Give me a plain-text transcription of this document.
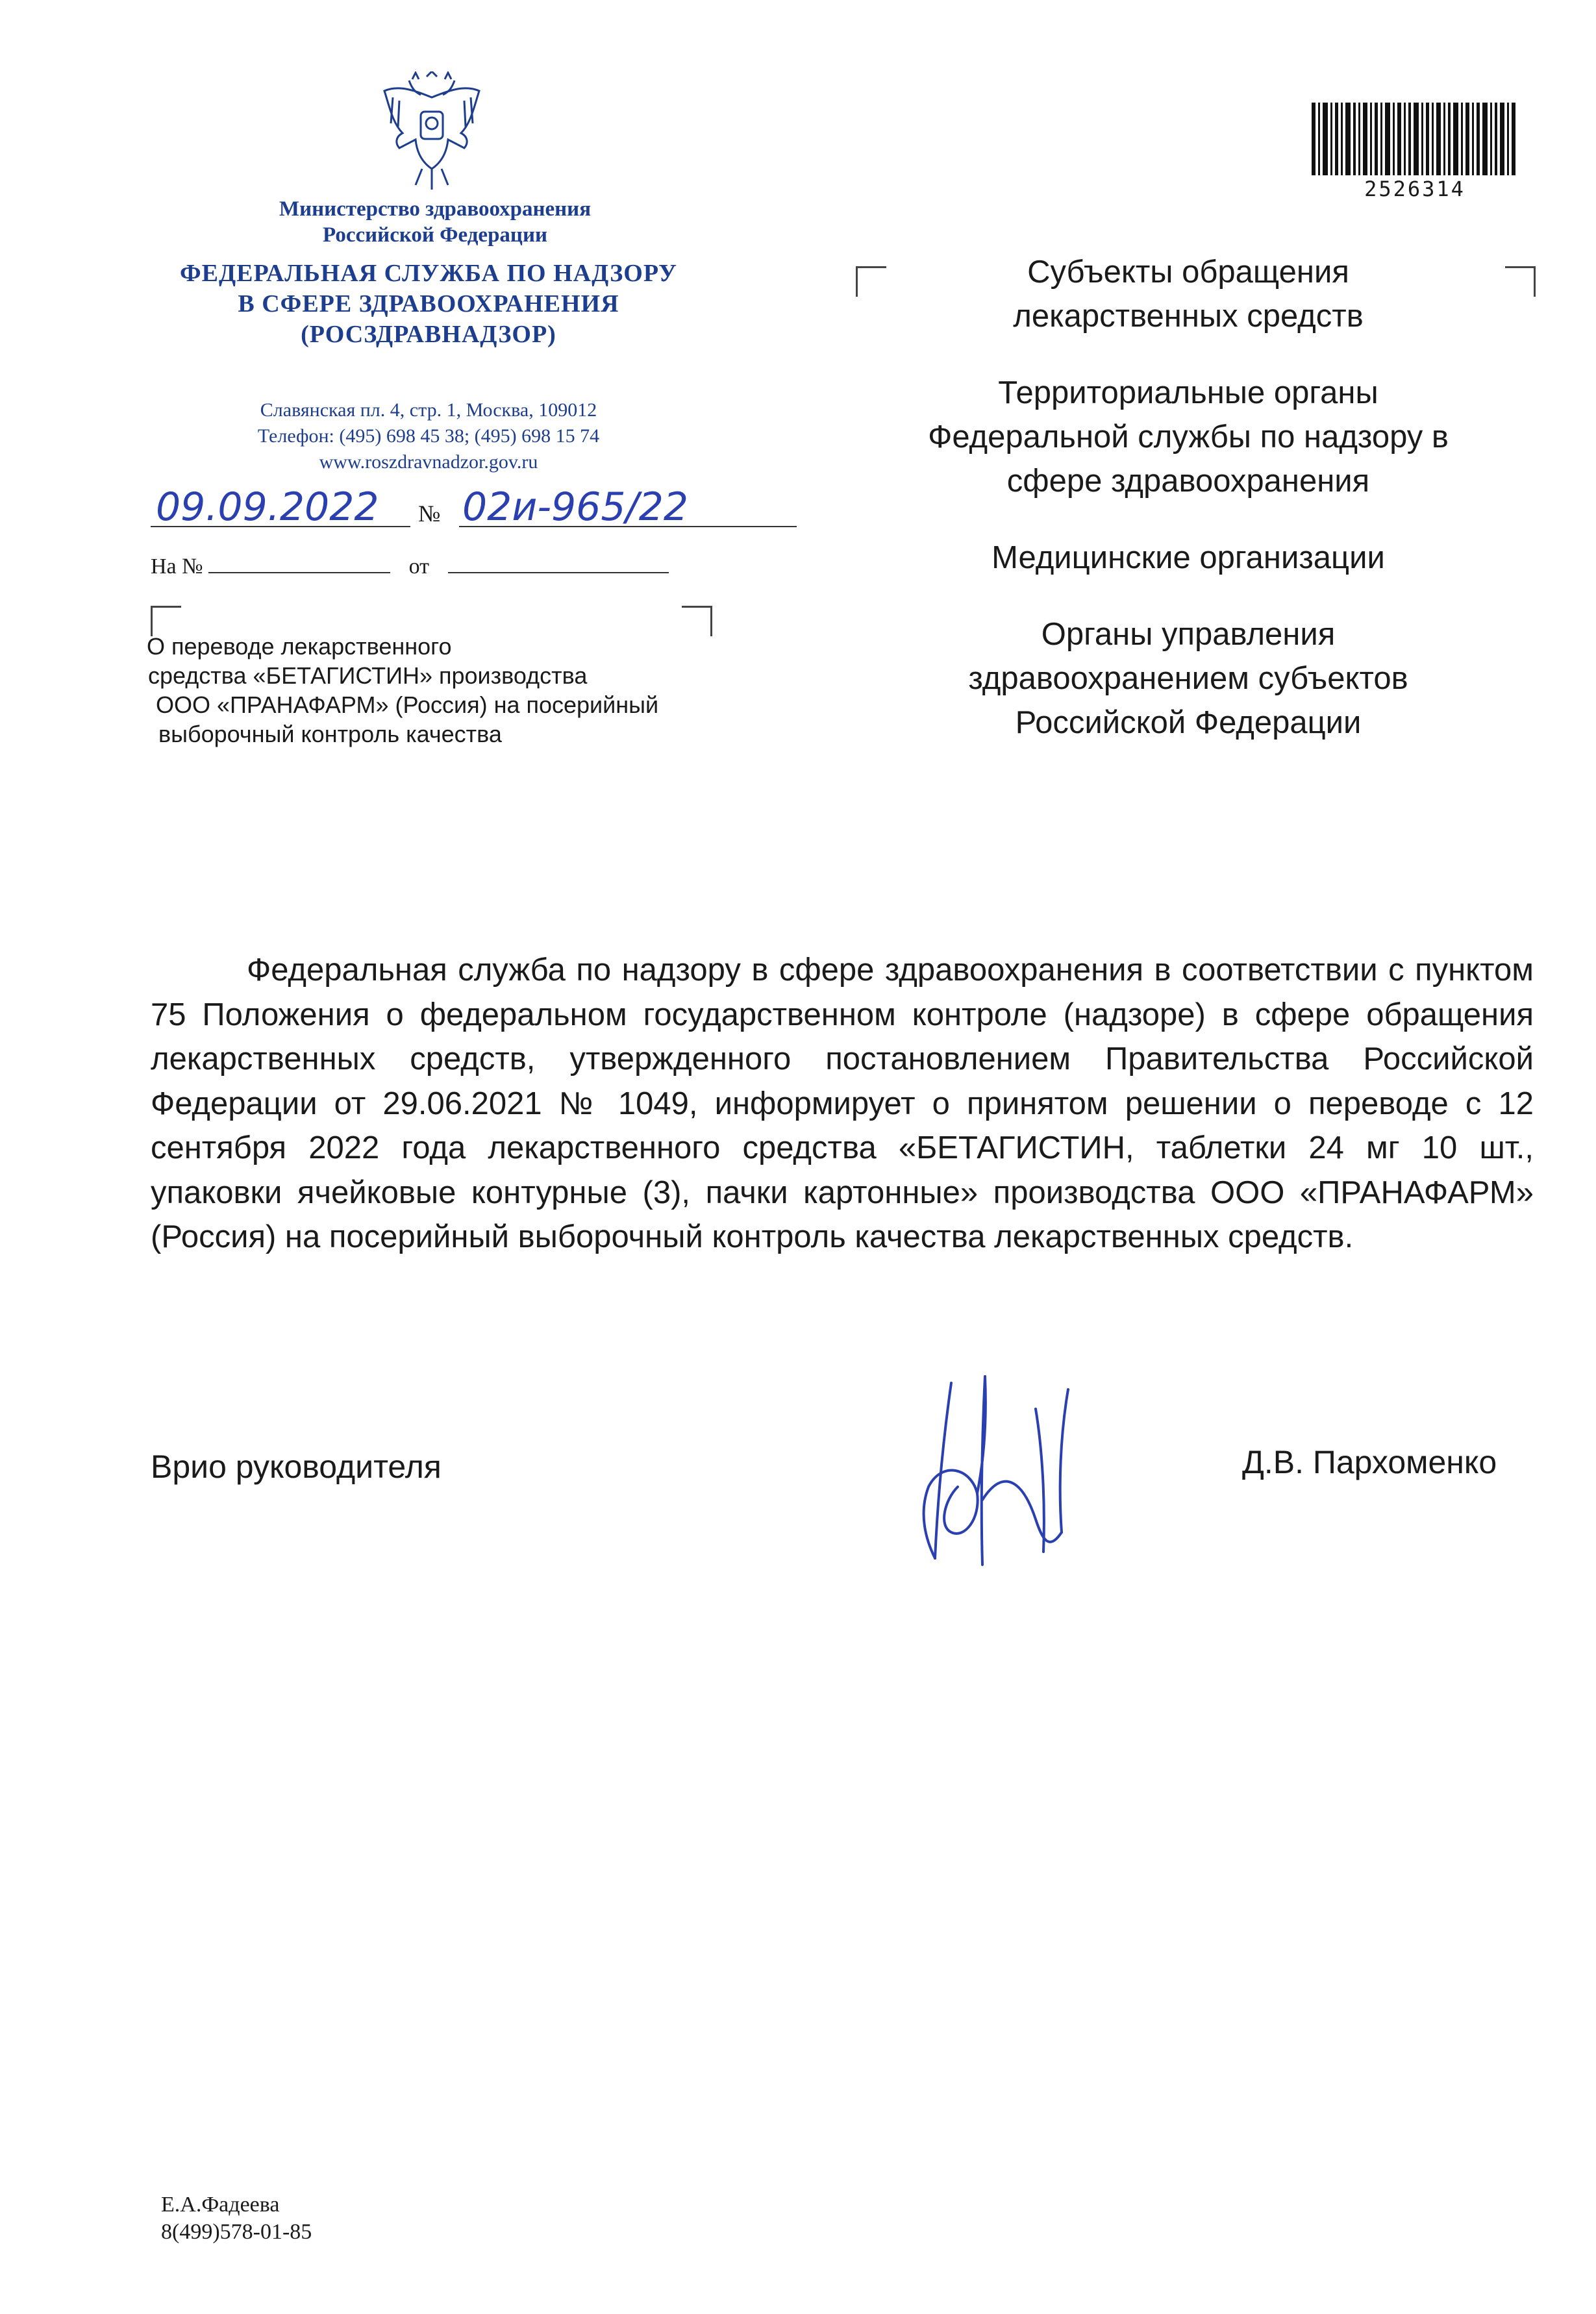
Министерство здравоохранения
Российской Федерации
ФЕДЕРАЛЬНАЯ СЛУЖБА ПО НАДЗОРУ
В СФЕРЕ ЗДРАВООХРАНЕНИЯ
(РОСЗДРАВНАДЗОР)
Славянская пл. 4, стр. 1, Москва, 109012
Телефон: (495) 698 45 38; (495) 698 15 74
www.roszdravnadzor.gov.ru
09.09.2022 № 02и-965/22
На №	от
О переводе лекарственного
средства «БЕТАГИСТИН» производства
ООО «ПРАНАФАРМ» (Россия) на посерийный
выборочный контроль качества
2526314
Субъекты обращения
лекарственных средств
Территориальные органы
Федеральной службы по надзору в
сфере здравоохранения
Медицинские организации
Органы управления
здравоохранением субъектов
Российской Федерации

Федеральная служба по надзору в сфере здравоохранения в соответствии с пунктом 75 Положения о федеральном государственном контроле (надзоре) в сфере обращения лекарственных средств, утвержденного постановлением Правительства Российской Федерации от 29.06.2021 № 1049, информирует о принятом решении о переводе с 12 сентября 2022 года лекарственного средства «БЕТАГИСТИН, таблетки 24 мг 10 шт., упаковки ячейковые контурные (3), пачки картонные» производства ООО «ПРАНАФАРМ» (Россия) на посерийный выборочный контроль качества лекарственных средств.

Врио руководителя	Д.В. Пархоменко
Е.А.Фадеева
8(499)578-01-85
